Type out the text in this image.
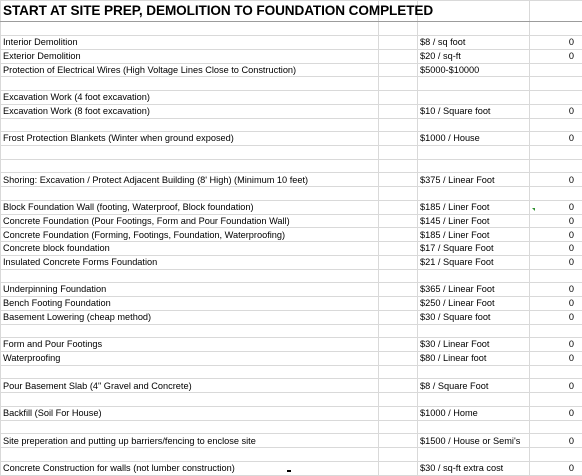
START AT SITE PREP, DEMOLITION TO FOUNDATION COMPLETED			

Interior Demolition		$8 / sq foot	0
Exterior Demolition		$20 / sq-ft	0
Protection of Electrical Wires (High Voltage Lines Close to Construction)		$5000-$10000	

Excavation Work (4 foot excavation)			
Excavation Work (8 foot excavation)		$10 / Square foot	0

Frost Protection Blankets (Winter when ground exposed)		$1000 / House	0

Shoring: Excavation / Protect Adjacent Building (8' High) (Minimum 10 feet)		$375 / Linear Foot	0

Block Foundation Wall (footing, Waterproof, Block foundation)		$185 / Liner Foot	0
Concrete Foundation (Pour Footings, Form and Pour Foundation Wall)		$145 / Liner Foot	0
Concrete Foundation (Forming, Footings, Foundation, Waterproofing)		$185 / Liner Foot	0
Concrete block foundation		$17 / Square Foot	0
Insulated Concrete Forms Foundation		$21 / Square Foot	0

Underpinning Foundation		$365 / Linear Foot	0
Bench Footing Foundation		$250 / Linear Foot	0
Basement Lowering (cheap method)		$30 / Square foot	0

Form and Pour Footings		$30 / Linear Foot	0
Waterproofing		$80 / Linear foot	0

Pour Basement Slab (4" Gravel and Concrete)		$8 / Square Foot	0

Backfill (Soil For House)		$1000 / Home	0

Site preperation and putting up barriers/fencing to enclose site		$1500 / House or Semi's	0

Concrete Construction for walls (not lumber construction)		$30 / sq-ft extra cost	0
